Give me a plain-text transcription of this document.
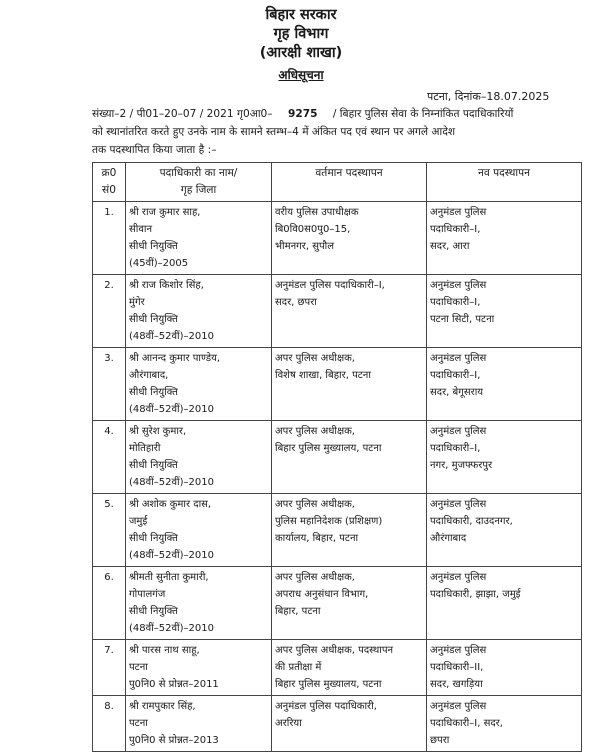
बिहार सरकार
गृह विभाग
(आरक्षी शाखा)
अधिसूचना
पटना, दिनांक–18.07.2025
संख्या–2 / पी01–20–07 / 2021 गृ0आ0– 9275 / बिहार पुलिस सेवा के निम्नांकित पदाधिकारियों
को स्थानांतरित करते हुए उनके नाम के सामने स्तम्भ–4 में अंकित पद एवं स्थान पर अगले आदेश
तक पदस्थापित किया जाता है :–
क्र0
सं0	पदाधिकारी का नाम/
गृह जिला	वर्तमान पदस्थापन	नव पदस्थापन

1.	श्री राज कुमार साह,
सीवान
सीधी नियुक्ति
(45वीं)–2005	वरीय पुलिस उपाधीक्षक
बि0वि0स0पु0–15,
भीमनगर, सुपौल	अनुमंडल पुलिस
पदाधिकारी–I,
सदर, आरा

2.	श्री राज किशोर सिंह,
मुंगेर
सीधी नियुक्ति
(48वीं–52वीं)–2010	अनुमंडल पुलिस पदाधिकारी–I,
सदर, छपरा	अनुमंडल पुलिस
पदाधिकारी–I,
पटना सिटी, पटना

3.	श्री आनन्द कुमार पाण्डेय,
औरंगाबाद,
सीधी नियुक्ति
(48वीं–52वीं)–2010	अपर पुलिस अधीक्षक,
विशेष शाखा, बिहार, पटना	अनुमंडल पुलिस
पदाधिकारी–I,
सदर, बेगूसराय

4.	श्री सुरेश कुमार,
मोतिहारी
सीधी नियुक्ति
(48वीं–52वीं)–2010	अपर पुलिस अधीक्षक,
बिहार पुलिस मुख्यालय, पटना	अनुमंडल पुलिस
पदाधिकारी–I,
नगर, मुजफ्फरपुर

5.	श्री अशोक कुमार दास,
जमुई
सीधी नियुक्ति
(48वीं–52वीं)–2010	अपर पुलिस अधीक्षक,
पुलिस महानिदेशक (प्रशिक्षण)
कार्यालय, बिहार, पटना	अनुमंडल पुलिस
पदाधिकारी, दाउदनगर,
औरंगाबाद

6.	श्रीमती सुनीता कुमारी,
गोपालगंज
सीधी नियुक्ति
(48वीं–52वीं)–2010	अपर पुलिस अधीक्षक,
अपराध अनुसंधान विभाग,
बिहार, पटना	अनुमंडल पुलिस
पदाधिकारी, झाझा, जमुई

7.	श्री पारस नाथ साहू,
पटना
पु0नि0 से प्रोन्नत–2011	अपर पुलिस अधीक्षक, पदस्थापन
की प्रतीक्षा में
बिहार पुलिस मुख्यालय, पटना	अनुमंडल पुलिस
पदाधिकारी–II,
सदर, खगड़िया

8.	श्री रामपुकार सिंह,
पटना
पु0नि0 से प्रोन्नत–2013	अनुमंडल पुलिस पदाधिकारी,
अररिया	अनुमंडल पुलिस
पदाधिकारी–I, सदर,
छपरा
